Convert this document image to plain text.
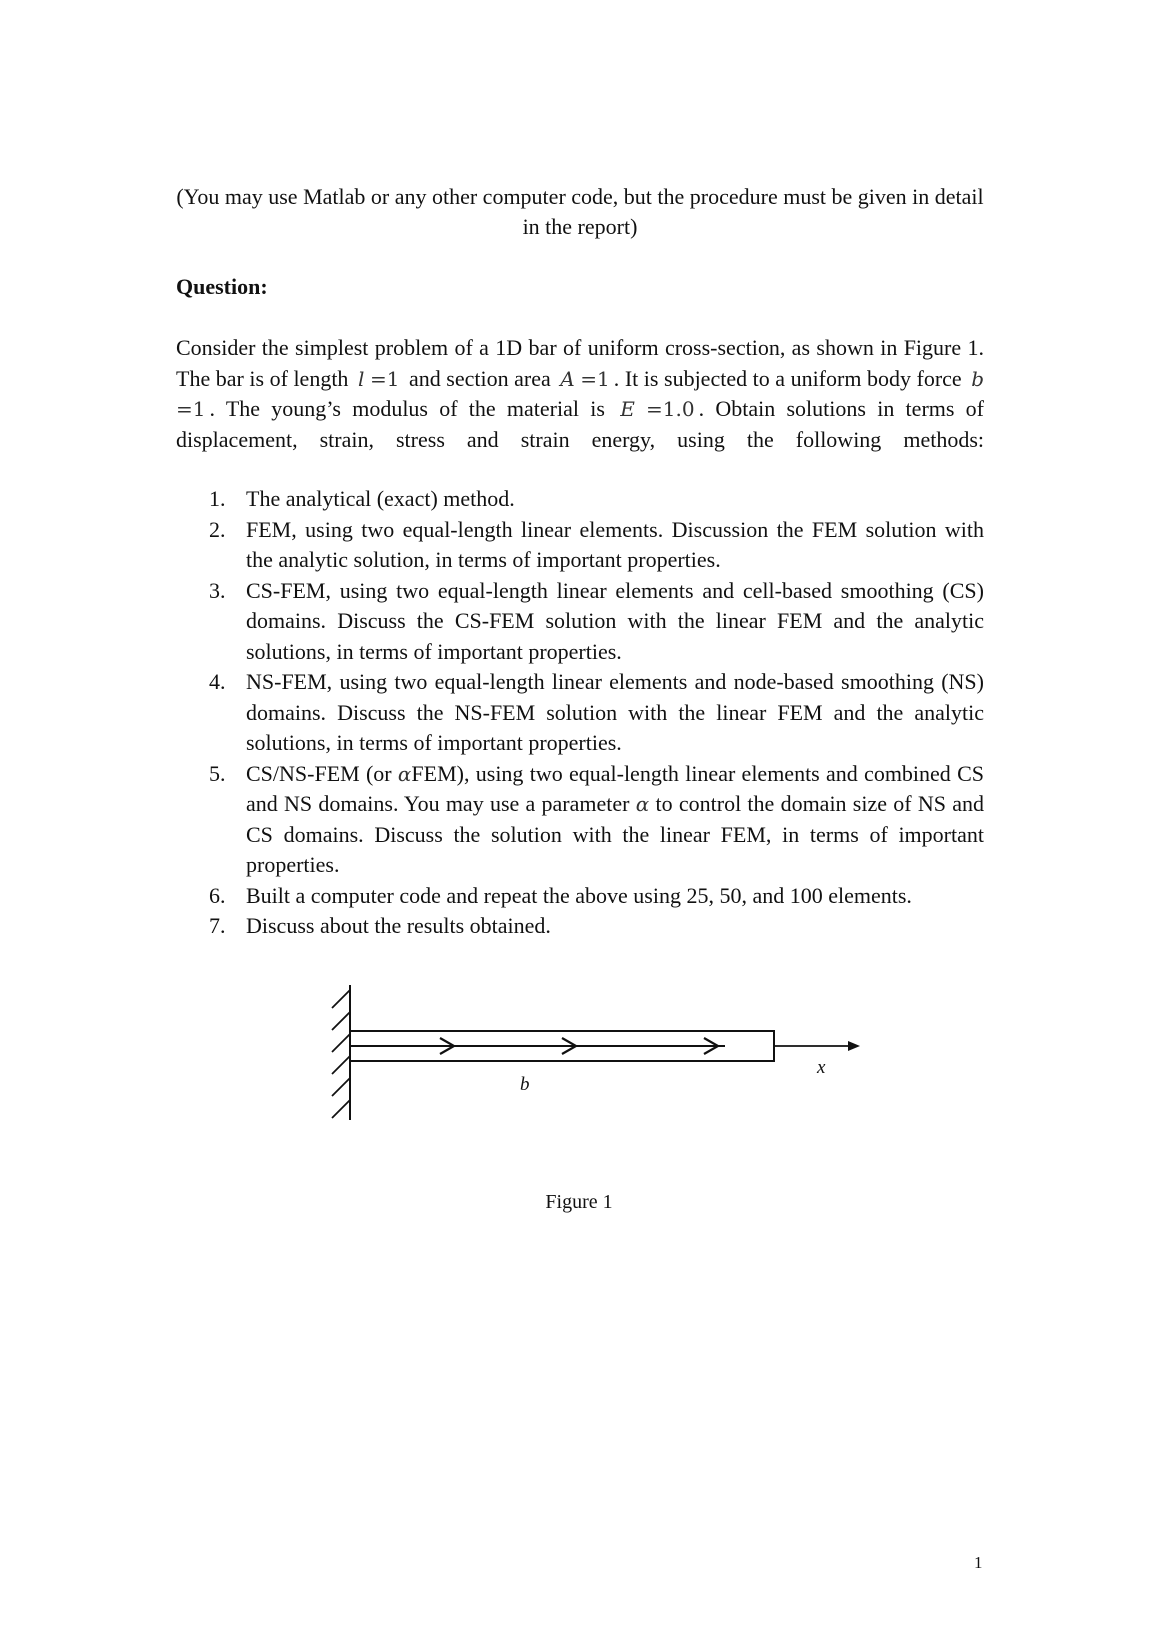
(You may use Matlab or any other computer code, but the procedure must be given in detail in the report)
Question:

Consider the simplest problem of a 1D bar of uniform cross-section, as shown in Figure 1. The bar is of length l =1 and section area A =1 . It is subjected to a uniform body force b =1 . The young’s modulus of the material is E =1.0 . Obtain solutions in terms of displacement, strain, stress and strain energy, using the following methods:

1. The analytical (exact) method.
2. FEM, using two equal-length linear elements. Discussion the FEM solution with the analytic solution, in terms of important properties.
3. CS-FEM, using two equal-length linear elements and cell-based smoothing (CS) domains. Discuss the CS-FEM solution with the linear FEM and the analytic solutions, in terms of important properties.
4. NS-FEM, using two equal-length linear elements and node-based smoothing (NS) domains. Discuss the NS-FEM solution with the linear FEM and the analytic solutions, in terms of important properties.
5. CS/NS-FEM (or αFEM), using two equal-length linear elements and combined CS and NS domains. You may use a parameter α to control the domain size of NS and CS domains. Discuss the solution with the linear FEM, in terms of important properties.
6. Built a computer code and repeat the above using 25, 50, and 100 elements.
7. Discuss about the results obtained.
b
x
Figure 1
1
